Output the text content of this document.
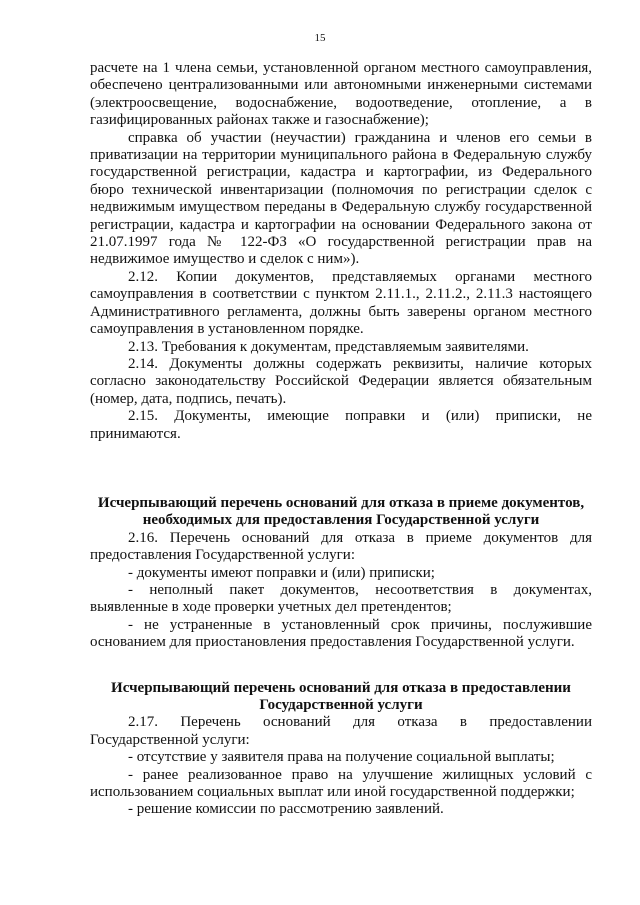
15

расчете на 1 члена семьи, установленной органом местного самоуправления, обеспечено централизованными или автономными инженерными системами (электроосвещение, водоснабжение, водоотведение, отопление, а в газифицированных районах также и газоснабжение);

справка об участии (неучастии) гражданина и членов его семьи в приватизации на территории муниципального района в Федеральную службу государственной регистрации, кадастра и картографии, из Федерального бюро технической инвентаризации (полномочия по регистрации сделок с недвижимым имуществом переданы в Федеральную службу государственной регистрации, кадастра и картографии на основании Федерального закона от 21.07.1997 года № 122-ФЗ «О государственной регистрации прав на недвижимое имущество и сделок с ним»).

2.12. Копии документов, представляемых органами местного самоуправления в соответствии с пунктом 2.11.1., 2.11.2., 2.11.3 настоящего Административного регламента, должны быть заверены органом местного самоуправления в установленном порядке.

2.13. Требования к документам, представляемым заявителями.

2.14. Документы должны содержать реквизиты, наличие которых согласно законодательству Российской Федерации является обязательным (номер, дата, подпись, печать).

2.15. Документы, имеющие поправки и (или) приписки, не принимаются.

Исчерпывающий перечень оснований для отказа в приеме документов,
необходимых для предоставления Государственной услуги

2.16. Перечень оснований для отказа в приеме документов для предоставления Государственной услуги:

- документы имеют поправки и (или) приписки;

- неполный пакет документов, несоответствия в документах, выявленные в ходе проверки учетных дел претендентов;

- не устраненные в установленный срок причины, послужившие основанием для приостановления предоставления Государственной услуги.

Исчерпывающий перечень оснований для отказа в предоставлении
Государственной услуги

2.17. Перечень оснований для отказа в предоставлении Государственной услуги:

- отсутствие у заявителя права на получение социальной выплаты;

- ранее реализованное право на улучшение жилищных условий с использованием социальных выплат или иной государственной поддержки;

- решение комиссии по рассмотрению заявлений.
